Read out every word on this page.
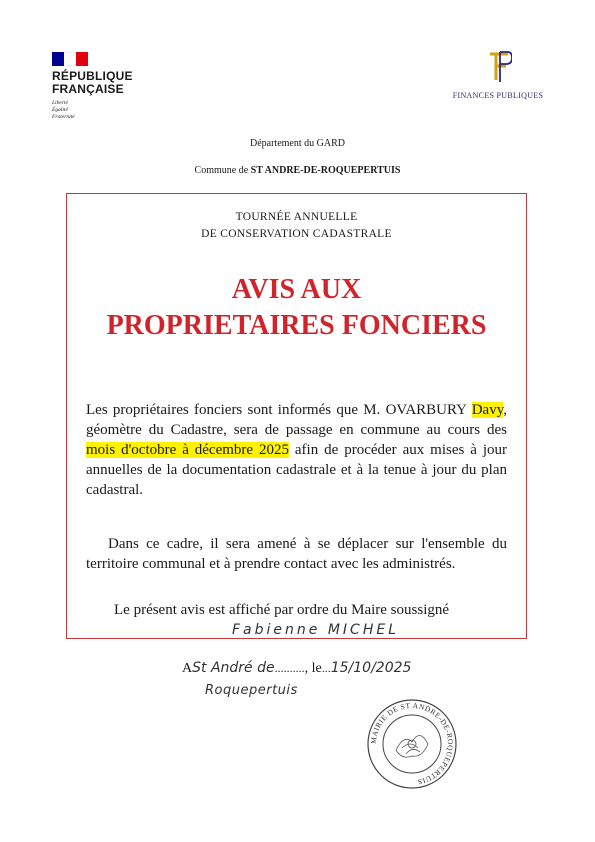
RÉPUBLIQUE
FRANÇAISE
Liberté
Égalité
Fraternité
FINANCES PUBLIQUES
Département du GARD
Commune de ST ANDRE-DE-ROQUEPERTUIS
TOURNÉE ANNUELLE
DE CONSERVATION CADASTRALE
AVIS AUX
PROPRIETAIRES FONCIERS
Les propriétaires fonciers sont informés que M. OVARBURY Davy, géomètre du Cadastre, sera de passage en commune au cours des mois d'octobre à décembre 2025 afin de procéder aux mises à jour annuelles de la documentation cadastrale et à la tenue à jour du plan cadastral.
Dans ce cadre, il sera amené à se déplacer sur l'ensemble du territoire communal et à prendre contact avec les administrés.
Le présent avis est affiché par ordre du Maire soussigné
Fabienne MICHEL
ASt André de.........., le...15/10/2025
Roquepertuis
MAIRIE DE ST ANDRE-DE-ROQUEPERTUIS
